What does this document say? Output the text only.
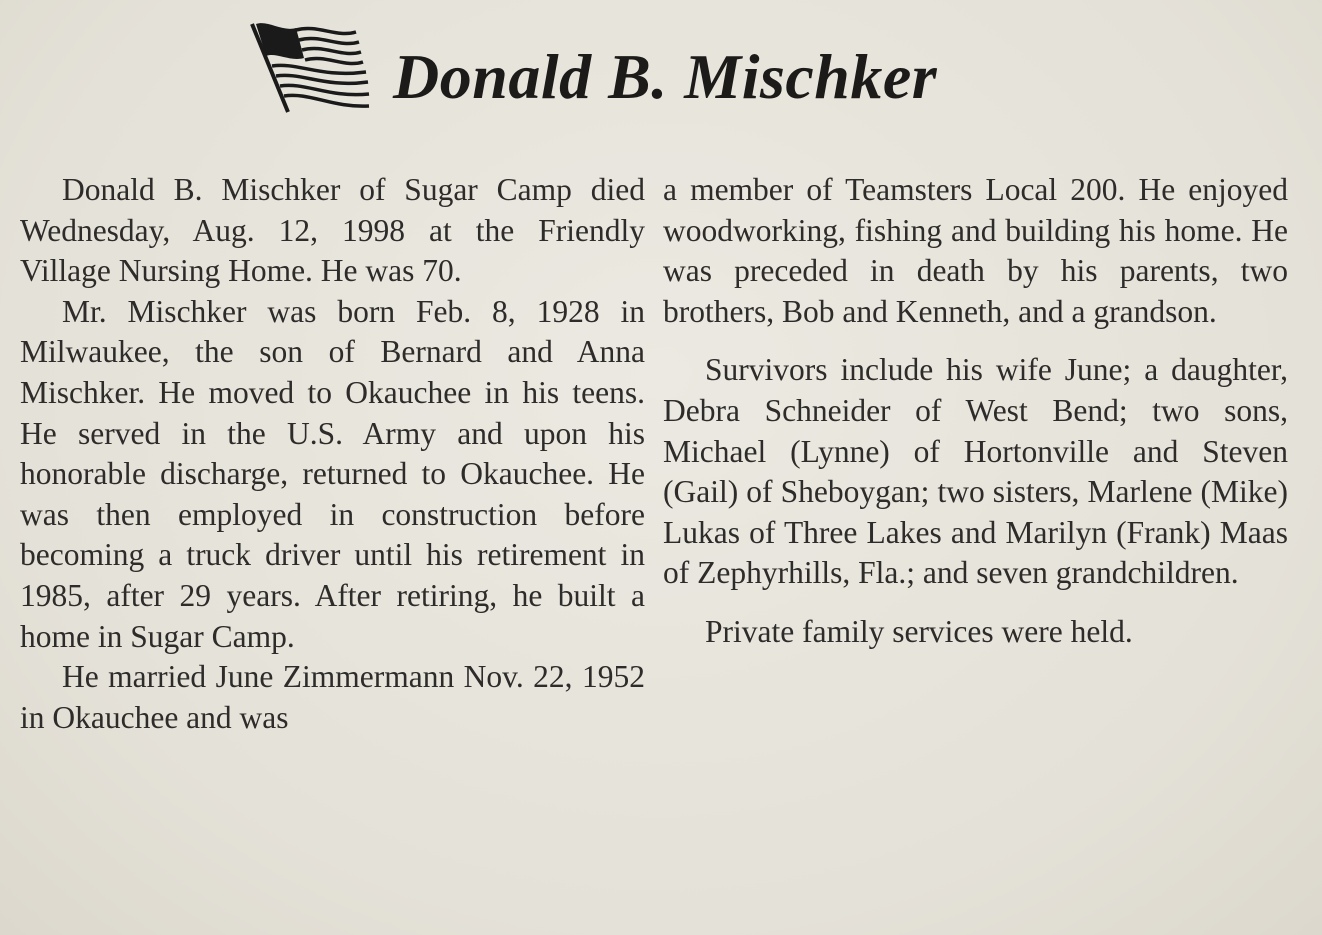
Donald B. Mischker

Donald B. Mischker of Sugar Camp died Wednesday, Aug. 12, 1998 at the Friendly Village Nursing Home. He was 70.

Mr. Mischker was born Feb. 8, 1928 in Milwaukee, the son of Bernard and Anna Mischker. He moved to Okauchee in his teens. He served in the U.S. Army and upon his honorable discharge, returned to Okauchee. He was then employed in construction before becoming a truck driver until his retirement in 1985, after 29 years. After retiring, he built a home in Sugar Camp.

He married June Zimmermann Nov. 22, 1952 in Okauchee and was

a member of Teamsters Local 200. He enjoyed woodworking, fishing and building his home. He was preceded in death by his parents, two brothers, Bob and Kenneth, and a grandson.

Survivors include his wife June; a daughter, Debra Schneider of West Bend; two sons, Michael (Lynne) of Hortonville and Steven (Gail) of Sheboygan; two sisters, Marlene (Mike) Lukas of Three Lakes and Marilyn (Frank) Maas of Zephyrhills, Fla.; and seven grandchildren.

Private family services were held.
